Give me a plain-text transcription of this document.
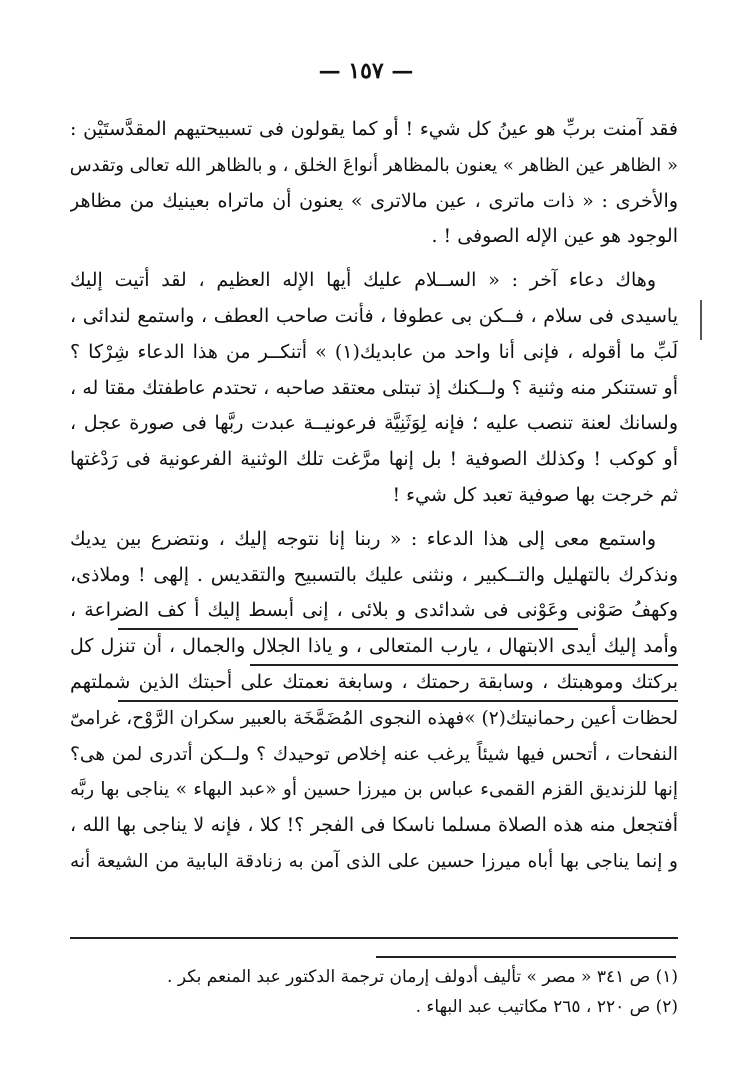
— ١٥٧ —
فقد آمنت بربِّ هو عينُ كل شيء ! أو كما يقولون فى تسبيحتيهم المقدَّستَيْن :
« الظاهر عين الظاهر » يعنون بالمظاهر أنواعَ الخلق ، و بالظاهر الله تعالى وتقدس
والأخرى : « ذات ماترى ، عين مالاترى » يعنون أن ماتراه بعينيك من مظاهر
الوجود هو عين الإله الصوفى ! .
وهاك دعاء آخر : « الســلام عليك أيها الإله العظيم ، لقد أتيت إليك
ياسيدى فى سلام ، فــكن بى عطوفا ، فأنت صاحب العطف ، واستمع لندائى ،
لَبِّ ما أقوله ، فإنى أنا واحد من عابديك(١) » أتنكــر من هذا الدعاء شِرْكا ؟
أو تستنكر منه وثنية ؟ ولــكنك إذ تبتلى معتقد صاحبه ، تحتدم عاطفتك مقتا له ،
ولسانك لعنة تنصب عليه ؛ فإنه لِوَثَنِيَّة فرعونيــة عبدت ربَّها فى صورة عجل ،
أو كوكب ! وكذلك الصوفية ! بل إنها مرَّغت تلك الوثنية الفرعونية فى رَدْغتها
ثم خرجت بها صوفية تعبد كل شيء !
واستمع معى إلى هذا الدعاء : « ربنا إنا نتوجه إليك ، ونتضرع بين يديك
ونذكرك بالتهليل والتــكبير ، ونثنى عليك بالتسبيح والتقديس . إلهى ! وملاذى،
وكهفُ صَوْنى وعَوْنى فى شدائدى و بلائى ، إنى أبسط إليك أ كف الضراعة ،
وأمد إليك أيدى الابتهال ، يارب المتعالى ، و ياذا الجلال والجمال ، أن تنزل كل
بركتك وموهبتك ، وسابقة رحمتك ، وسابغة نعمتك على أحبتك الذين شملتهم
لحظات أعين رحمانيتك(٢) »فهذه النجوى المُضَمَّخَة بالعبير سكران الرَّوْح، غرامىّ
النفحات ، أتحس فيها شيئاً يرغب عنه إخلاص توحيدك ؟ ولــكن أتدرى لمن هى؟
إنها للزنديق القزم القمىء عباس بن ميرزا حسين أو «عبد البهاء » يناجى بها ربَّه
أفتجعل منه هذه الصلاة مسلما ناسكا فى الفجر ؟! كلا ، فإنه لا يناجى بها الله ،
و إنما يناجى بها أباه ميرزا حسين على الذى آمن به زنادقة البابية من الشيعة أنه
(١) ص ٣٤١ « مصر » تأليف أدولف إرمان ترجمة الدكتور عبد المنعم بكر .
(٢) ص ٢٢٠ ، ٢٦٥ مكاتيب عبد البهاء .
